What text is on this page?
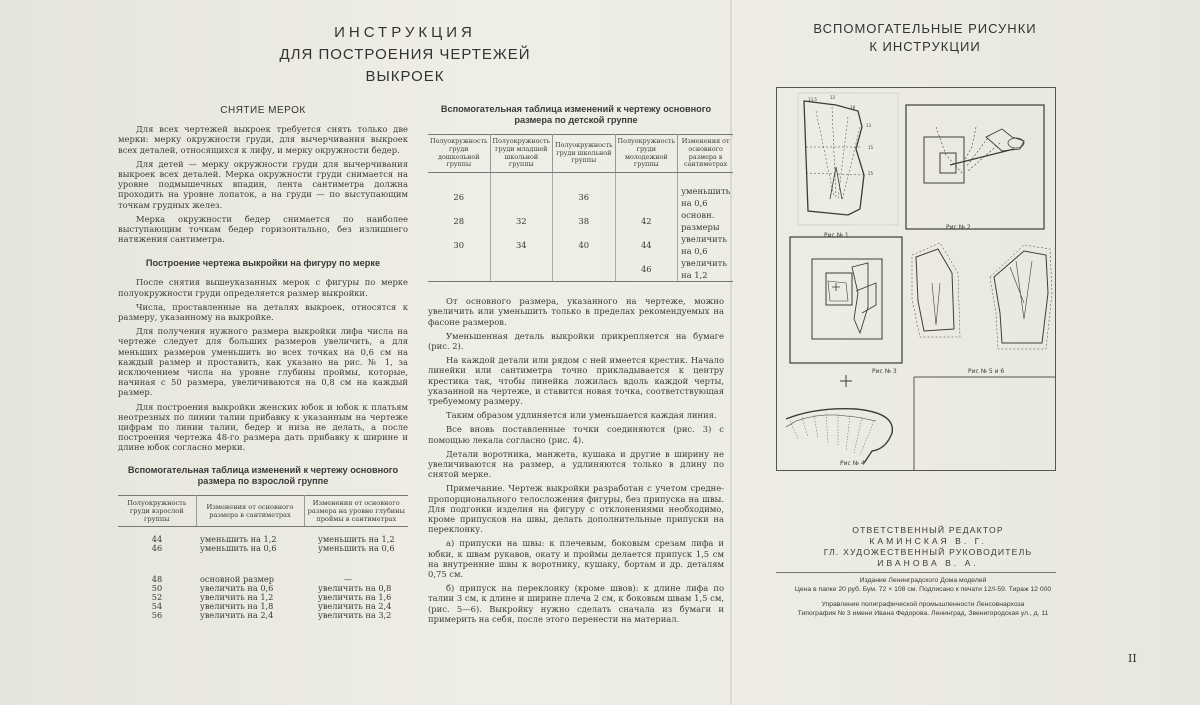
ИНСТРУКЦИЯ
ДЛЯ ПОСТРОЕНИЯ ЧЕРТЕЖЕЙ ВЫКРОЕК
ВСПОМОГАТЕЛЬНЫЕ РИСУНКИ
К ИНСТРУКЦИИ
СНЯТИЕ МЕРОК

Для всех чертежей выкроек требуется снять только две мерки: мерку окружности груди, для вычерчивания выкроек всех деталей, относящихся к лифу, и мерку окружности бедер.

Для детей — мерку окружности груди для вычерчивания выкроек всех деталей. Мерка окружности груди снимается на уровне подмышечных впадин, лента сантиметра должна проходить на уровне лопаток, а на груди — по выступающим точкам грудных желез.

Мерка окружности бедер снимается по наиболее выступающим точкам бедер горизонтально, без излишнего натяжения сантиметра.

Построение чертежа выкройки на фигуру по мерке

После снятия вышеуказанных мерок с фигуры по мерке полуокружности груди определяется размер выкройки.

Числа, проставленные на деталях выкроек, относятся к размеру, указанному на выкройке.

Для получения нужного размера выкройки лифа числа на чертеже следует для больших размеров увеличить, а для меньших размеров уменьшить во всех точках на 0,6 см на каждый размер и проставить, как указано на рис. № 1, за исключением числа на уровне глубины проймы, которые, начиная с 50 размера, увеличиваются на 0,8 см на каждый размер.

Для построения выкройки женских юбок и юбок к платьям неотрезных по линии талии прибавку к указанным на чертеже цифрам по линии талии, бедер и низа не делать, а после построения чертежа 48-го размера дать прибавку к ширине и длине юбок согласно мерки.

Вспомогательная таблица изменений к чертежу основного размера по взрослой группе
Полуокружность груди взрослой группы	Изменения от основного размера в сантиметрах	Изменения от основного размера на уровне глубины проймы в сантиметрах
44	уменьшить на 1,2	уменьшить на 1,2
46	уменьшить на 0,6	уменьшить на 0,6

48	основной размер	—
50	увеличить на 0,6	увеличить на 0,8
52	увеличить на 1,2	увеличить на 1,6
54	увеличить на 1,8	увеличить на 2,4
56	увеличить на 2,4	увеличить на 3,2
Вспомогательная таблица изменений к чертежу основного размера по детской группе
Полуокружность груди дошкольной группы	Полуокружность груди младшей школьной группы	Полуокружность груди школьной группы	Полуокружность груди молодежной группы	Изменения от основного размера в сантиметрах
26		36		уменьшить на 0,6
28	32	38	42	основн. размеры
30	34	40	44	увеличить на 0,6
			46	увеличить на 1,2

От основного размера, указанного на чертеже, можно увеличить или уменьшить только в пределах рекомендуемых на фасоне размеров.

Уменьшенная деталь выкройки прикрепляется на бумаге (рис. 2).

На каждой детали или рядом с ней имеется крестик. Начало линейки или сантиметра точно прикладывается к центру крестика так, чтобы линейка ложилась вдоль каждой черты, указанной на чертеже, и ставится новая точка, соответствующая требуемому размеру.

Таким образом удлиняется или уменьшается каждая линия.

Все вновь поставленные точки соединяются (рис. 3) с помощью лекала согласно (рис. 4).

Детали воротника, манжета, кушака и другие в ширину не увеличиваются на размер, а удлиняются только в длину по снятой мерке.

Примечание. Чертеж выкройки разработан с учетом средне-пропорционального телосложения фигуры, без припуска на швы. Для подгонки изделия на фигуру с отклонениями необходимо, кроме припусков на швы, делать дополнительные припуски на переклонку.

а) припуски на швы: к плечевым, боковым срезам лифа и юбки, к швам рукавов, окату и проймы делается припуск 1,5 см на внутренние швы к воротнику, кушаку, бортам и др. деталям 0,75 см.

б) припуск на переклонку (кроме швов): к длине лифа по талии 3 см, к длине и ширине плеча 2 см, к боковым швам 1,5 см, (рис. 5—6). Выкройку нужно сделать сначала из бумаги и примерить на себя, после этого перенести на материал.

13,5	12
18
13
15
25
Рис № 1
Рис № 2
Рис № 3	Рис № 5 и 6
Рис № 4
ОТВЕТСТВЕННЫЙ РЕДАКТОР
КАМИНСКАЯ В. Г.
ГЛ. ХУДОЖЕСТВЕННЫЙ РУКОВОДИТЕЛЬ
ИВАНОВА В. А.
Издание Ленинградского Дома моделей
Цена в папке 20 руб. Бум. 72 × 108 см. Подписано к печати 12/I-59. Тираж 12 000
Управление полиграфической промышленности Ленсовнархоза
Типография № 3 имени Ивана Федорова. Ленинград, Звенигородская ул., д. 11
II
